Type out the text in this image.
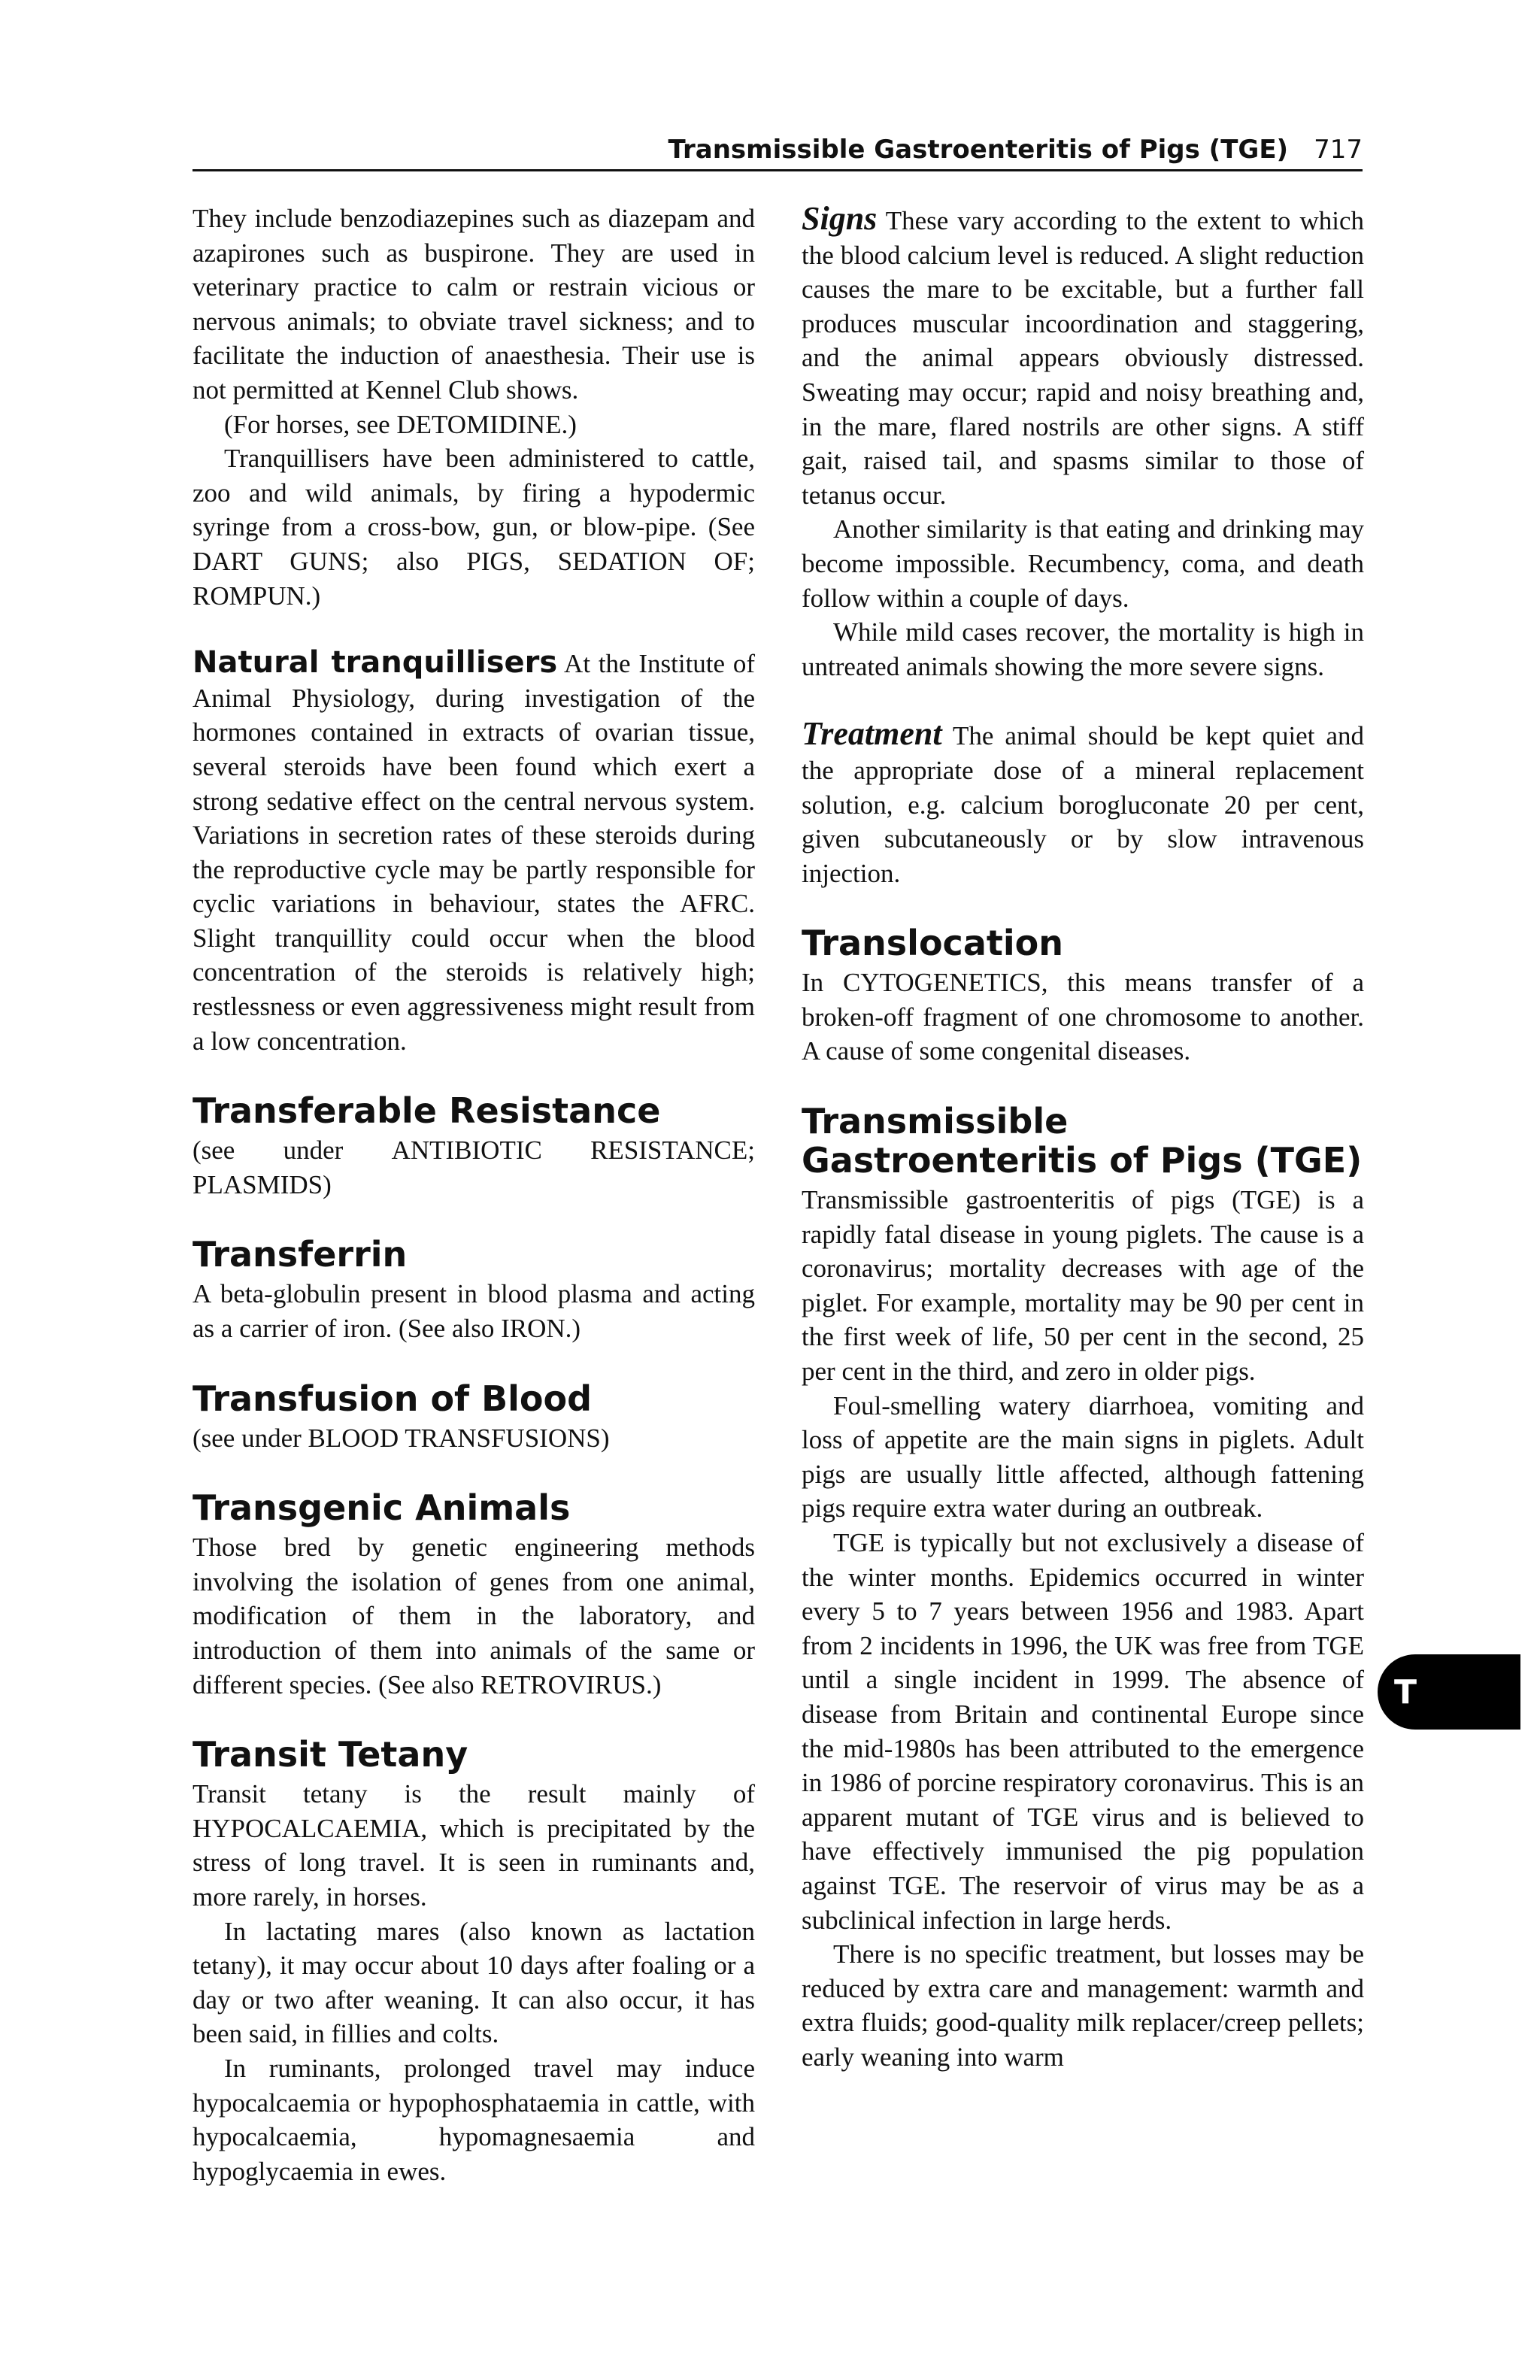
Transmissible Gastroenteritis of Pigs (TGE) 717

They include benzodiazepines such as diazepam and azapirones such as buspirone. They are used in veterinary practice to calm or restrain vicious or nervous animals; to obviate travel sickness; and to facilitate the induction of anaesthesia. Their use is not permitted at Kennel Club shows.

(For horses, see DETOMIDINE.)

Tranquillisers have been administered to cattle, zoo and wild animals, by firing a hypodermic syringe from a cross-bow, gun, or blow-pipe. (See DART GUNS; also PIGS, SEDATION OF; ROMPUN.)

Natural tranquillisers At the Institute of Animal Physiology, during investigation of the hormones contained in extracts of ovarian tissue, several steroids have been found which exert a strong sedative effect on the central nervous system. Variations in secretion rates of these steroids during the reproductive cycle may be partly responsible for cyclic variations in behaviour, states the AFRC. Slight tranquillity could occur when the blood concentration of the steroids is relatively high; restlessness or even aggressiveness might result from a low concentration.

Transferable Resistance

(see under ANTIBIOTIC RESISTANCE; PLASMIDS)

Transferrin

A beta-globulin present in blood plasma and acting as a carrier of iron. (See also IRON.)

Transfusion of Blood

(see under BLOOD TRANSFUSIONS)

Transgenic Animals

Those bred by genetic engineering methods involving the isolation of genes from one animal, modification of them in the laboratory, and introduction of them into animals of the same or different species. (See also RETROVIRUS.)

Transit Tetany

Transit tetany is the result mainly of HYPOCALCAEMIA, which is precipitated by the stress of long travel. It is seen in ruminants and, more rarely, in horses.

In lactating mares (also known as lactation tetany), it may occur about 10 days after foaling or a day or two after weaning. It can also occur, it has been said, in fillies and colts.

In ruminants, prolonged travel may induce hypocalcaemia or hypophosphataemia in cattle, with hypocalcaemia, hypomagnesaemia and hypoglycaemia in ewes.

Signs These vary according to the extent to which the blood calcium level is reduced. A slight reduction causes the mare to be excitable, but a further fall produces muscular incoordination and staggering, and the animal appears obviously distressed. Sweating may occur; rapid and noisy breathing and, in the mare, flared nostrils are other signs. A stiff gait, raised tail, and spasms similar to those of tetanus occur.

Another similarity is that eating and drinking may become impossible. Recumbency, coma, and death follow within a couple of days.

While mild cases recover, the mortality is high in untreated animals showing the more severe signs.

Treatment The animal should be kept quiet and the appropriate dose of a mineral replacement solution, e.g. calcium borogluconate 20 per cent, given subcutaneously or by slow intravenous injection.

Translocation

In CYTOGENETICS, this means transfer of a broken-off fragment of one chromosome to another. A cause of some congenital diseases.

Transmissible Gastroenteritis of Pigs (TGE)

Transmissible gastroenteritis of pigs (TGE) is a rapidly fatal disease in young piglets. The cause is a coronavirus; mortality decreases with age of the piglet. For example, mortality may be 90 per cent in the first week of life, 50 per cent in the second, 25 per cent in the third, and zero in older pigs.

Foul-smelling watery diarrhoea, vomiting and loss of appetite are the main signs in piglets. Adult pigs are usually little affected, although fattening pigs require extra water during an outbreak.

TGE is typically but not exclusively a disease of the winter months. Epidemics occurred in winter every 5 to 7 years between 1956 and 1983. Apart from 2 incidents in 1996, the UK was free from TGE until a single incident in 1999. The absence of disease from Britain and continental Europe since the mid-1980s has been attributed to the emergence in 1986 of porcine respiratory coronavirus. This is an apparent mutant of TGE virus and is believed to have effectively immunised the pig population against TGE. The reservoir of virus may be as a subclinical infection in large herds.

There is no specific treatment, but losses may be reduced by extra care and management: warmth and extra fluids; good-quality milk replacer/creep pellets; early weaning into warm

T
